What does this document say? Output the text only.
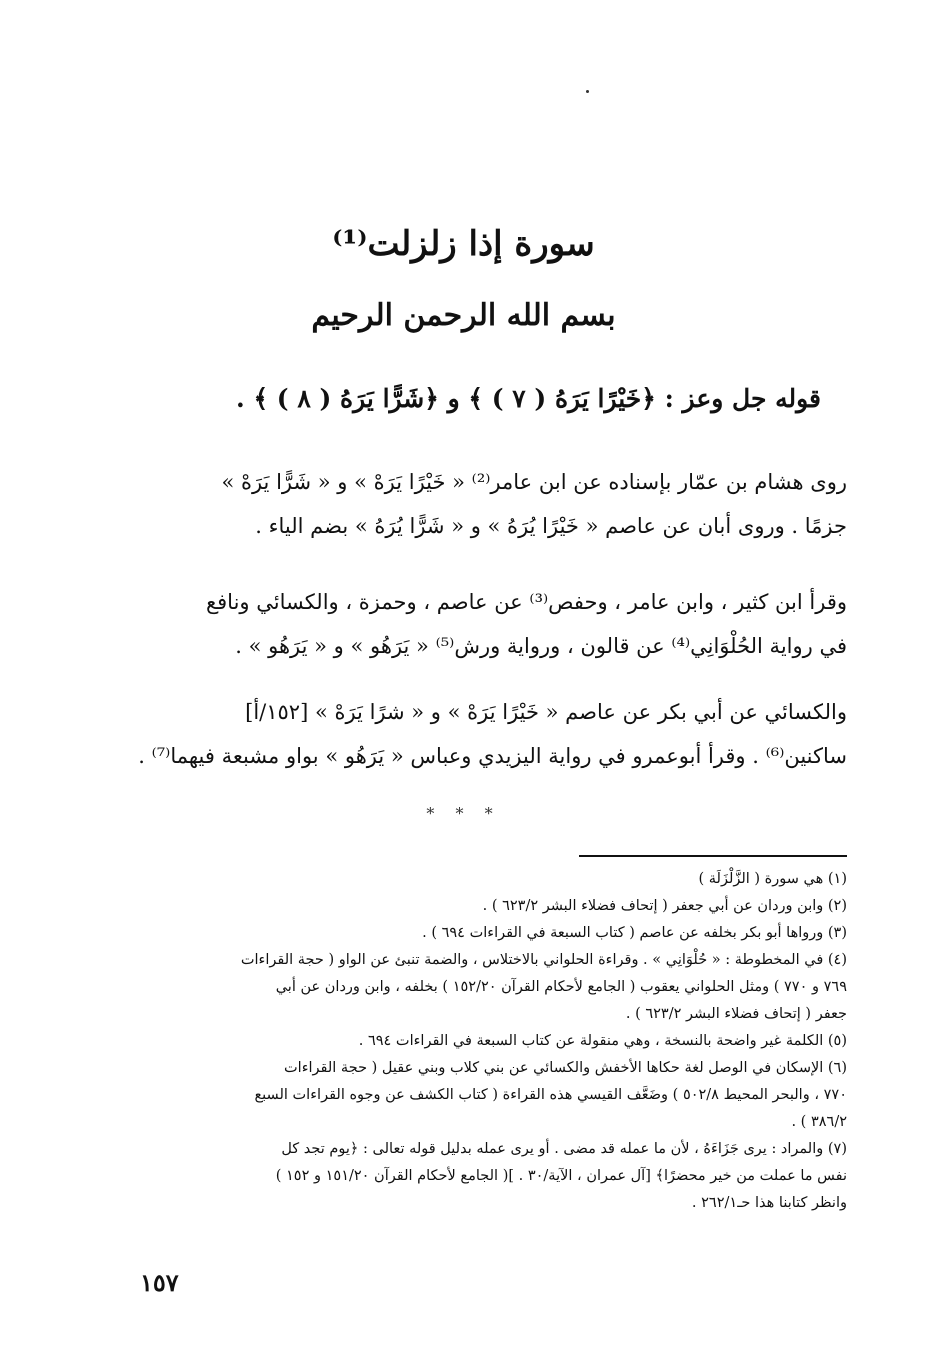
سورة إذا زلزلت⁽¹⁾
بسم الله الرحمن الرحيم
قوله جل وعز : ﴿خَيْرًا يَرَهُ ( ٧ ) ﴾ و ﴿شَرًّا يَرَهُ ( ٨ ) ﴾ .
روى هشام بن عمّار بإسناده عن ابن عامر⁽²⁾ « خَيْرًا يَرَهْ » و « شَرًّا يَرَهْ »
جزمًا . وروى أبان عن عاصم « خَيْرًا يُرَهُ » و « شَرًّا يُرَهُ » بضم الياء .
وقرأ ابن كثير ، وابن عامر ، وحفص⁽³⁾ عن عاصم ، وحمزة ، والكسائي ونافع
في رواية الحُلْوَانِي⁽⁴⁾ عن قالون ، ورواية ورش⁽⁵⁾ « يَرَهُو » و « يَرَهُو » .
والكسائي عن أبي بكر عن عاصم « خَيْرًا يَرَهْ » و « شرًا يَرَهْ » [١٥٢/أ]
ساكنين⁽⁶⁾ . وقرأ أبوعمرو في رواية اليزيدي وعباس « يَرَهُو » بواو مشبعة فيهما⁽⁷⁾ .
* * *
(١) هي سورة ( الزَّلْزَلَة )
(٢) وابن وردان عن أبي جعفر ( إتحاف فضلاء البشر ٦٢٣/٢ ) .
(٣) ورواها أبو بكر بخلفه عن عاصم ( كتاب السبعة في القراءات ٦٩٤ ) .
(٤) في المخطوطة : « حُلْوَانِي » . وقراءة الحلواني بالاختلاس ، والضمة تنبئ عن الواو ( حجة القراءات
٧٦٩ و ٧٧٠ ) ومثل الحلواني يعقوب ( الجامع لأحكام القرآن ١٥٢/٢٠ ) بخلفه ، وابن وردان عن أبي
جعفر ( إتحاف فضلاء البشر ٦٢٣/٢ ) .
(٥) الكلمة غير واضحة بالنسخة ، وهي منقولة عن كتاب السبعة في القراءات ٦٩٤ .
(٦) الإسكان في الوصل لغة حكاها الأخفش والكسائي عن بني كلاب وبني عقيل ( حجة القراءات
٧٧٠ ، والبحر المحيط ٥٠٢/٨ ) وضَعَّف القيسي هذه القراءة ( كتاب الكشف عن وجوه القراءات السبع
٣٨٦/٢ ) .
(٧) والمراد : يرى جَزَاءَهُ ، لأن ما عمله قد مضى . أو يرى عمله بدليل قوله تعالى : ﴿يوم تجد كل
نفس ما عملت من خير محضرًا﴾ [آل عمران ، الآية/٣٠ . ]( الجامع لأحكام القرآن ١٥١/٢٠ و ١٥٢ )
وانظر كتابنا هذا حـ٢٦٢/١ .
١٥٧
